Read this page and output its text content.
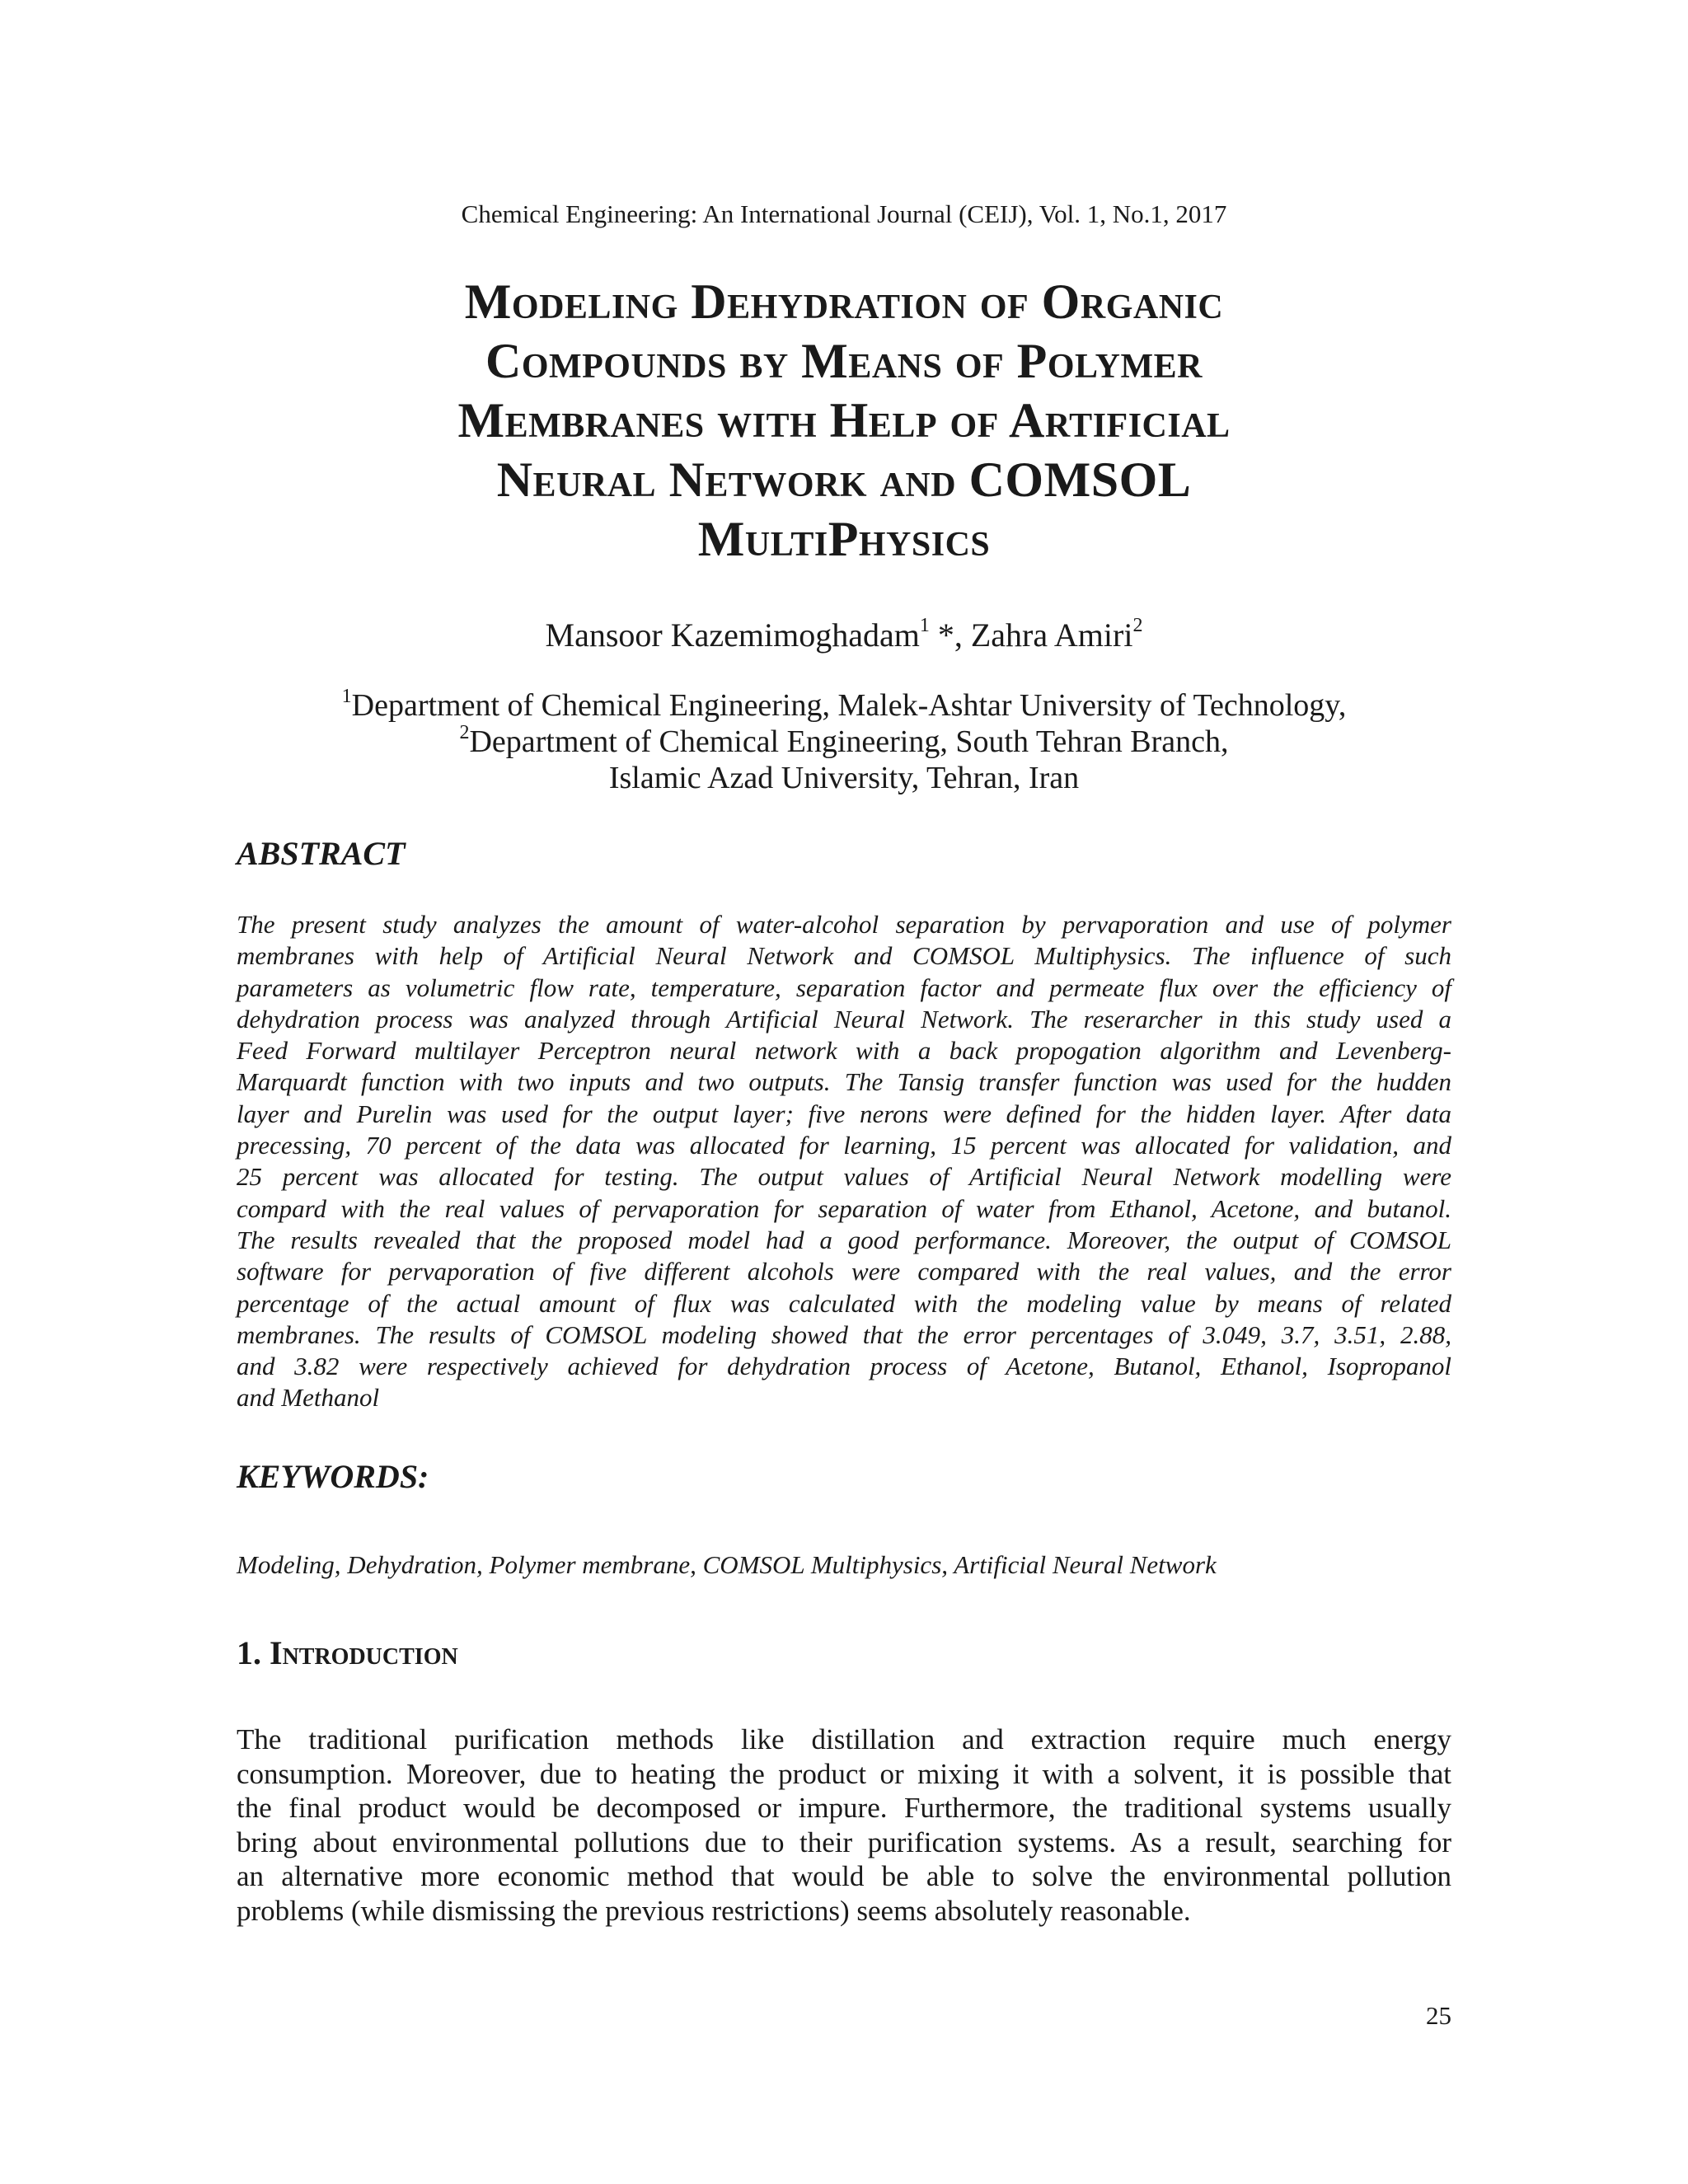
Chemical Engineering: An International Journal (CEIJ), Vol. 1, No.1, 2017
Modeling Dehydration of Organic
Compounds by Means of Polymer
Membranes with Help of Artificial
Neural Network and COMSOL
MultiPhysics
Mansoor Kazemimoghadam$^1$ *, Zahra Amiri$^2$
$^1$Department of Chemical Engineering, Malek-Ashtar University of Technology,
$^2$Department of Chemical Engineering, South Tehran Branch,
Islamic Azad University, Tehran, Iran
ABSTRACT
The present study analyzes the amount of water-alcohol separation by pervaporation and use of polymer
membranes with help of Artificial Neural Network and COMSOL Multiphysics. The influence of such
parameters as volumetric flow rate, temperature, separation factor and permeate flux over the efficiency of
dehydration process was analyzed through Artificial Neural Network. The reserarcher in this study used a
Feed Forward multilayer Perceptron neural network with a back propogation algorithm and Levenberg-
Marquardt function with two inputs and two outputs. The Tansig transfer function was used for the hudden
layer and Purelin was used for the output layer; five nerons were defined for the hidden layer. After data
precessing, 70 percent of the data was allocated for learning, 15 percent was allocated for validation, and
25 percent was allocated for testing. The output values of Artificial Neural Network modelling were
compard with the real values of pervaporation for separation of water from Ethanol, Acetone, and butanol.
The results revealed that the proposed model had a good performance. Moreover, the output of COMSOL
software for pervaporation of five different alcohols were compared with the real values, and the error
percentage of the actual amount of flux was calculated with the modeling value by means of related
membranes. The results of COMSOL modeling showed that the error percentages of 3.049, 3.7, 3.51, 2.88,
and 3.82 were respectively achieved for dehydration process of Acetone, Butanol, Ethanol, Isopropanol
and Methanol
KEYWORDS:
Modeling, Dehydration, Polymer membrane, COMSOL Multiphysics, Artificial Neural Network
1. Introduction
The traditional purification methods like distillation and extraction require much energy
consumption. Moreover, due to heating the product or mixing it with a solvent, it is possible that
the final product would be decomposed or impure. Furthermore, the traditional systems usually
bring about environmental pollutions due to their purification systems. As a result, searching for
an alternative more economic method that would be able to solve the environmental pollution
problems (while dismissing the previous restrictions) seems absolutely reasonable.
25
